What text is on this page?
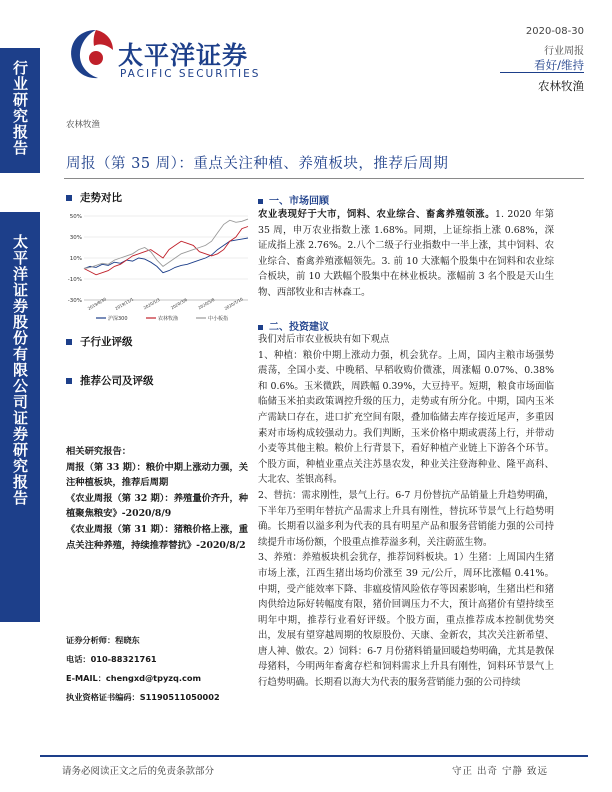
行业研究报告
太平洋证券股份有限公司证券研究报告
太平洋证券
PACIFIC SECURITIES
2020-08-30
行业周报
看好/维持
农林牧渔
农林牧渔
周报（第 35 周）：重点关注种植、养殖板块，推荐后周期
走势对比
50%
30%
10%
-10%
-30% 2019/8/30 2019/11/1 2020/1/3 2020/3/6 2020/5/8 2020/7/10
沪深300	农林牧渔	中小板指
子行业评级
推荐公司及评级
相关研究报告：
周报（第 33 期）：粮价中期上涨动力强，关注种植板块，推荐后周期
《农业周报（第 32 期）：养殖量价齐升，种植聚焦粮安》-2020/8/9
《农业周报（第 31 期）：猪粮价格上涨，重点关注种养殖，持续推荐替抗》-2020/8/2
证券分析师：程晓东
电话：010-88321761
E-MAIL：chengxd@tpyzq.com
执业资格证书编码：S1190511050002
一、市场回顾

农业表现好于大市，饲料、农业综合、畜禽养殖领涨。1. 2020 年第 35 周，申万农业指数上涨 1.68%。同期，上证综指上涨 0.68%，深证成指上涨 2.76%。2.八个二级子行业指数中一半上涨，其中饲料、农业综合、畜禽养殖涨幅领先。3. 前 10 大涨幅个股集中在饲料和农业综合板块，前 10 大跌幅个股集中在林业板块。涨幅前 3 名个股是天山生物、西部牧业和吉林森工。

二、投资建议

我们对后市农业板块有如下观点

1、种植：粮价中期上涨动力强，机会犹存。上周，国内主粮市场强势震荡，全国小麦、中晚稻、早稻收购价微涨，周涨幅 0.07%、0.38%和 0.6%。玉米微跌，周跌幅 0.39%，大豆持平。短期，粮食市场面临临储玉米拍卖政策调控升级的压力，走势或有所分化。中期，国内玉米产需缺口存在，进口扩充空间有限，叠加临储去库存接近尾声，多重因素对市场构成较强动力。我们判断，玉米价格中期或震荡上行，并带动小麦等其他主粮。粮价上行背景下，看好种植产业链上下游各个环节。个股方面，种植业重点关注苏垦农发，种业关注登海种业、隆平高科、大北农、荃银高科。

2、替抗：需求刚性，景气上行。6-7 月份替抗产品销量上升趋势明确，下半年乃至明年替抗产品需求上升具有刚性，替抗环节景气上行趋势明确。长期看以溢多利为代表的具有明星产品和服务营销能力强的公司持续提升市场份额，个股重点推荐溢多利，关注蔚蓝生物。

3、养殖：养殖板块机会犹存，推荐饲料板块。1）生猪：上周国内生猪市场上涨，江西生猪出场均价涨至 39 元/公斤，周环比涨幅 0.41%。中期，受产能效率下降、非瘟疫情风险依存等因素影响，生猪出栏和猪肉供给边际好转幅度有限，猪价回调压力不大，预计高猪价有望持续至明年中期，推荐行业看好评级。个股方面，重点推荐成本控制优势突出，发展有望穿越周期的牧原股份、天康、金新农，其次关注新希望、唐人神、傲农。2）饲料：6-7 月份猪料销量回暖趋势明确，尤其是教保母猪料，今明两年畜禽存栏和饲料需求上升具有刚性，饲料环节景气上行趋势明确。长期看以海大为代表的服务营销能力强的公司持续

请务必阅读正文之后的免责条款部分	守正 出奇 宁静 致远
